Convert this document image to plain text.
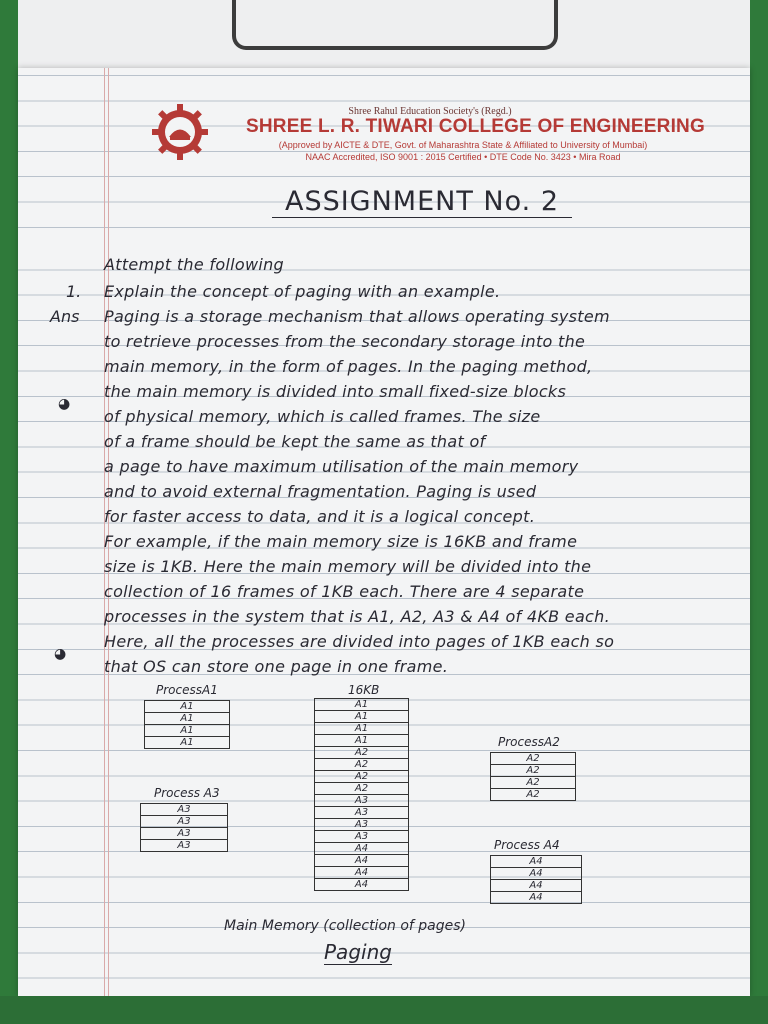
Shree Rahul Education Society's (Regd.)
SHREE L. R. TIWARI COLLEGE OF ENGINEERING
(Approved by AICTE & DTE, Govt. of Maharashtra State & Affiliated to University of Mumbai)
NAAC Accredited, ISO 9001 : 2015 Certified • DTE Code No. 3423 • Mira Road
ASSIGNMENT No. 2
Attempt the following
1. Explain the concept of paging with an example.
Ans Paging is a storage mechanism that allows operating system
to retrieve processes from the secondary storage into the
main memory, in the form of pages. In the paging method,
the main memory is divided into small fixed-size blocks
of physical memory, which is called frames. The size
of a frame should be kept the same as that of
a page to have maximum utilisation of the main memory
and to avoid external fragmentation. Paging is used
for faster access to data, and it is a logical concept.
For example, if the main memory size is 16KB and frame
size is 1KB. Here the main memory will be divided into the
collection of 16 frames of 1KB each. There are 4 separate
processes in the system that is A1, A2, A3 & A4 of 4KB each.
Here, all the processes are divided into pages of 1KB each so
that OS can store one page in one frame.
◕
◕
ProcessA1
A1
A1
A1
A1
16KB
A1
A1
A1
A1
A2
A2
A2
A2
A3
A3
A3
A3
A4
A4
A4
A4
ProcessA2
A2
A2
A2
A2
Process A3
A3
A3
A3
A3	Process A4
A4
A4
A4
A4
Main Memory (collection of pages)
Paging
